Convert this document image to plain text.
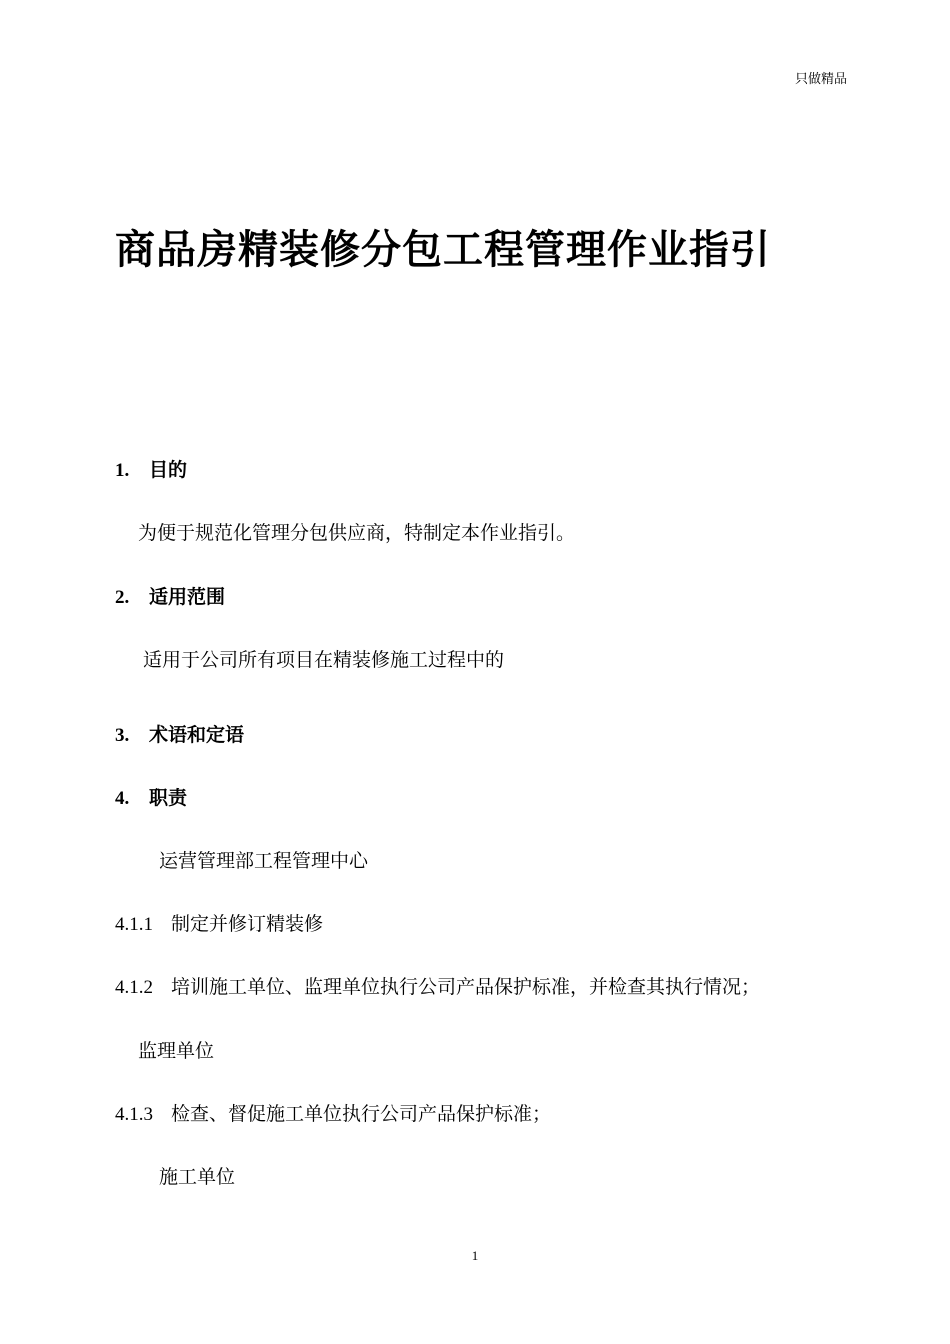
只做精品
商品房精装修分包工程管理作业指引
1. 目的
为便于规范化管理分包供应商，特制定本作业指引。
2. 适用范围
适用于公司所有项目在精装修施工过程中的
3. 术语和定语
4. 职责
运营管理部工程管理中心
4.1.1 制定并修订精装修
4.1.2 培训施工单位、监理单位执行公司产品保护标准，并检查其执行情况；
监理单位
4.1.3 检查、督促施工单位执行公司产品保护标准；
施工单位
1
